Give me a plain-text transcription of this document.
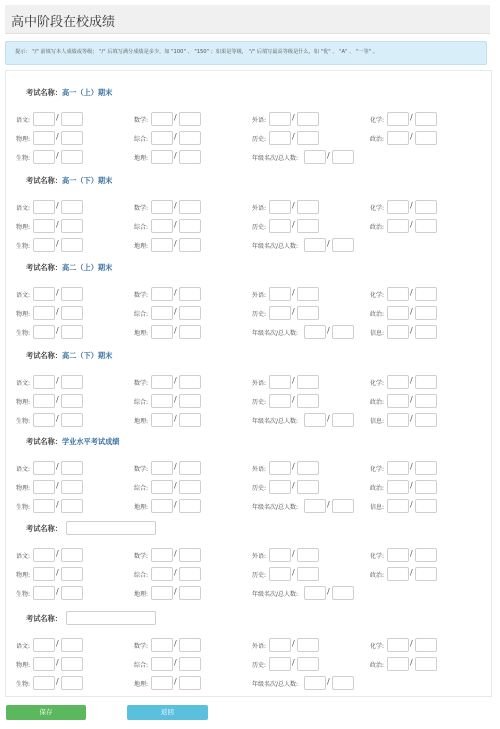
高中阶段在校成绩
提示： "/" 前填写本人成绩或等级； "/" 后填写满分成绩是多少，如 "100" 、 "150" ；如果是等级， "/" 后填写最高等级是什么，如 "优" 、 "A" 、 "一等" 。
考试名称：高一（上）期末
语文:	/	数学:	/	外语:	/	化学:	/
物理:	/	综合:	/	历史:	/	政治:	/
生物:	/	地理:	/	年级名次/总人数:	/
考试名称：高一（下）期末
语文:	/	数学:	/	外语:	/	化学:	/
物理:	/	综合:	/	历史:	/	政治:	/
生物:	/	地理:	/	年级名次/总人数:	/
考试名称：高二（上）期末
语文:	/	数学:	/	外语:	/	化学:	/
物理:	/	综合:	/	历史:	/	政治:	/
生物:	/	地理:	/	年级名次/总人数:	/	信息:	/
考试名称：高二（下）期末
语文:	/	数学:	/	外语:	/	化学:	/
物理:	/	综合:	/	历史:	/	政治:	/
生物:	/	地理:	/	年级名次/总人数:	/	信息:	/
考试名称：学业水平考试成绩
语文:	/	数学:	/	外语:	/	化学:	/
物理:	/	综合:	/	历史:	/	政治:	/
生物:	/	地理:	/	年级名次/总人数:	/	信息:	/
考试名称：
语文:	/	数学:	/	外语:	/	化学:	/
物理:	/	综合:	/	历史:	/	政治:	/
生物:	/	地理:	/	年级名次/总人数:	/
考试名称：
语文:	/	数学:	/	外语:	/	化学:	/
物理:	/	综合:	/	历史:	/	政治:	/
生物:	/	地理:	/	年级名次/总人数:	/
保存	返回
